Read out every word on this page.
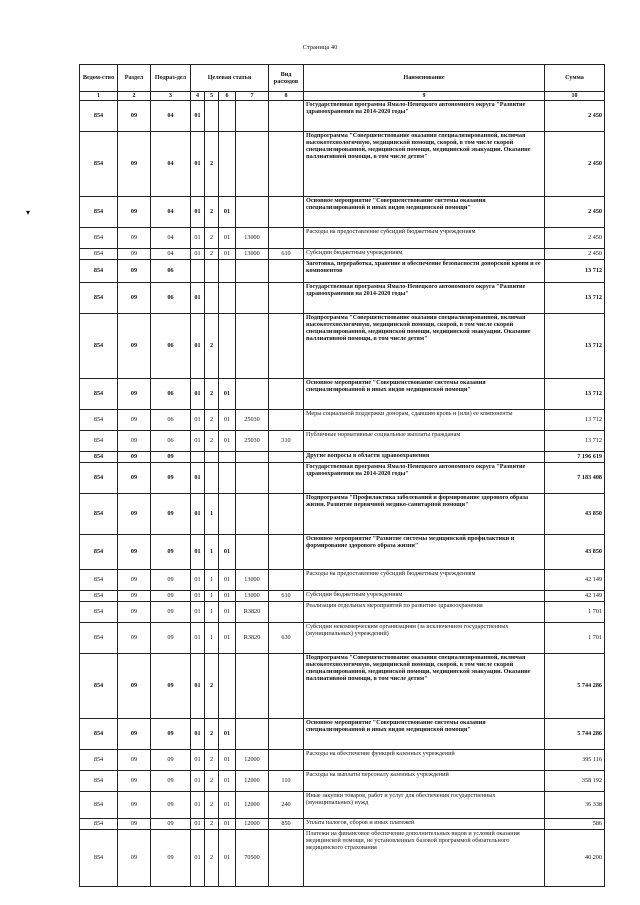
Страница 40
▾
Ведом-ство	Раздел	Подраз-дел	Целевая статья				Вид расходов	Наименование	Сумма
1	2	3	4	5	6	7	8	9	10
854	09	04	01					Государственная программа Ямало-Ненецкого автономного округа "Развитие здравоохранения на 2014-2020 годы"	2 450
854	09	04	01	2				Подпрограмма "Совершенствование оказания специализированной, включая высокотехнологичную, медицинской помощи, скорой, в том числе скорой специализированной, медицинской помощи, медицинской эвакуации. Оказание паллиативной помощи, в том числе детям"	2 450
854	09	04	01	2	01			Основное мероприятие "Совершенствование системы оказания специализированной и иных видов медицинской помощи"	2 450
854	09	04	01	2	01	13000		Расходы на предоставление субсидий бюджетным учреждениям	2 450
854	09	04	01	2	01	13000	610	Субсидии бюджетным учреждениям	2 450
854	09	06						Заготовка, переработка, хранение и обеспечение безопасности донорской крови и ее компонентов	13 712
854	09	06	01					Государственная программа Ямало-Ненецкого автономного округа "Развитие здравоохранения на 2014-2020 годы"	13 712
854	09	06	01	2				Подпрограмма "Совершенствование оказания специализированной, включая высокотехнологичную, медицинской помощи, скорой, в том числе скорой специализированной, медицинской помощи, медицинской эвакуации. Оказание паллиативной помощи, в том числе детям"	13 712
854	09	06	01	2	01			Основное мероприятие "Совершенствование системы оказания специализированной и иных видов медицинской помощи"	13 712
854	09	06	01	2	01	25030		Меры социальной поддержки донорам, сдавшим кровь и (или) ее компоненты	13 712
854	09	06	01	2	01	25030	310	Публичные нормативные социальные выплаты гражданам	13 712
854	09	09						Другие вопросы в области здравоохранения	7 196 619
854	09	09	01					Государственная программа Ямало-Ненецкого автономного округа "Развитие здравоохранения на 2014-2020 годы"	7 183 408
854	09	09	01	1				Подпрограмма "Профилактика заболеваний и формирование здорового образа жизни. Развитие первичной медико-санитарной помощи"	43 850
854	09	09	01	1	01			Основное мероприятие "Развитие системы медицинской профилактики и формирование здорового образа жизни"	43 850
854	09	09	01	1	01	13000		Расходы на предоставление субсидий бюджетным учреждениям	42 149
854	09	09	01	1	01	13000	610	Субсидии бюджетным учреждениям	42 149
854	09	09	01	1	01	R3820		Реализация отдельных мероприятий по развитию здравоохранения	1 701
854	09	09	01	1	01	R3820	630	Субсидии некоммерческим организациям (за исключением государственных (муниципальных) учреждений)	1 701
854	09	09	01	2				Подпрограмма "Совершенствование оказания специализированной, включая высокотехнологичную, медицинской помощи, скорой, в том числе скорой специализированной, медицинской помощи, медицинской эвакуации. Оказание паллиативной помощи, в том числе детям"	5 744 286
854	09	09	01	2	01			Основное мероприятие "Совершенствование системы оказания специализированной и иных видов медицинской помощи"	5 744 286
854	09	09	01	2	01	12000		Расходы на обеспечение функций казенных учреждений	395 116
854	09	09	01	2	01	12000	110	Расходы на выплаты персоналу казенных учреждений	358 192
854	09	09	01	2	01	12000	240	Иные закупки товаров, работ и услуг для обеспечения государственных (муниципальных) нужд	36 338
854	09	09	01	2	01	12000	850	Уплата налогов, сборов и иных платежей	586
854	09	09	01	2	01	70500		Платежи на финансовое обеспечение дополнительных видов и условий оказания медицинской помощи, не установленных базовой программой обязательного медицинского страхования	40 200
